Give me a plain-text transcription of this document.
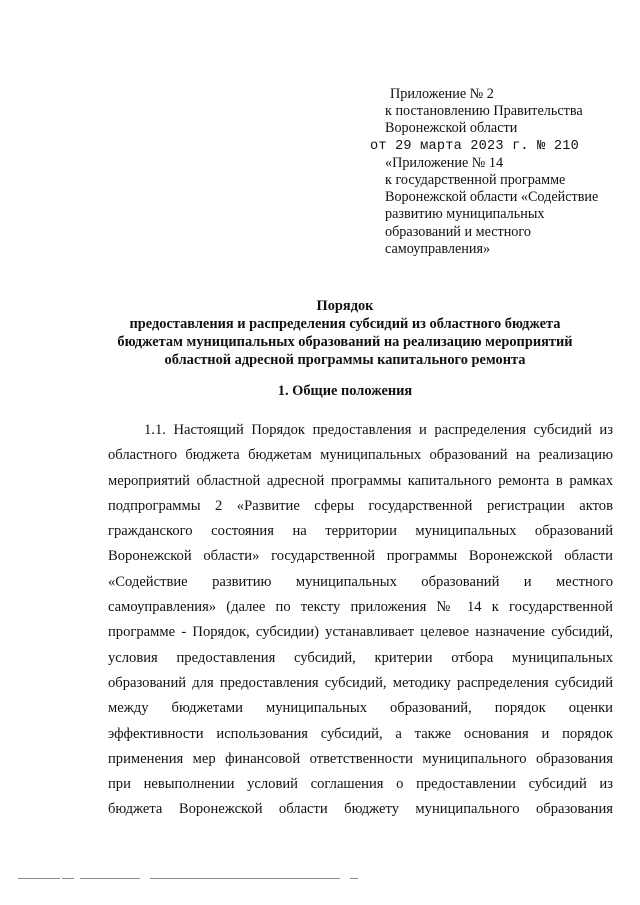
Приложение № 2
к постановлению Правительства
Воронежской области
от 29 марта 2023 г. № 210
«Приложение № 14
к государственной программе
Воронежской области «Содействие
развитию муниципальных
образований и местного
самоуправления»
Порядок
предоставления и распределения субсидий из областного бюджета
бюджетам муниципальных образований на реализацию мероприятий
областной адресной программы капитального ремонта
1. Общие положения
1.1. Настоящий Порядок предоставления и распределения субсидий из
областного бюджета бюджетам муниципальных образований на реализацию
мероприятий областной адресной программы капитального ремонта в рамках
подпрограммы 2 «Развитие сферы государственной регистрации актов
гражданского состояния на территории муниципальных образований
Воронежской области» государственной программы Воронежской области
«Содействие развитию муниципальных образований и местного
самоуправления» (далее по тексту приложения № 14 к государственной
программе - Порядок, субсидии) устанавливает целевое назначение субсидий,
условия предоставления субсидий, критерии отбора муниципальных
образований для предоставления субсидий, методику распределения субсидий
между бюджетами муниципальных образований, порядок оценки
эффективности использования субсидий, а также основания и порядок
применения мер финансовой ответственности муниципального образования
при невыполнении условий соглашения о предоставлении субсидий из
бюджета Воронежской области бюджету муниципального образования
